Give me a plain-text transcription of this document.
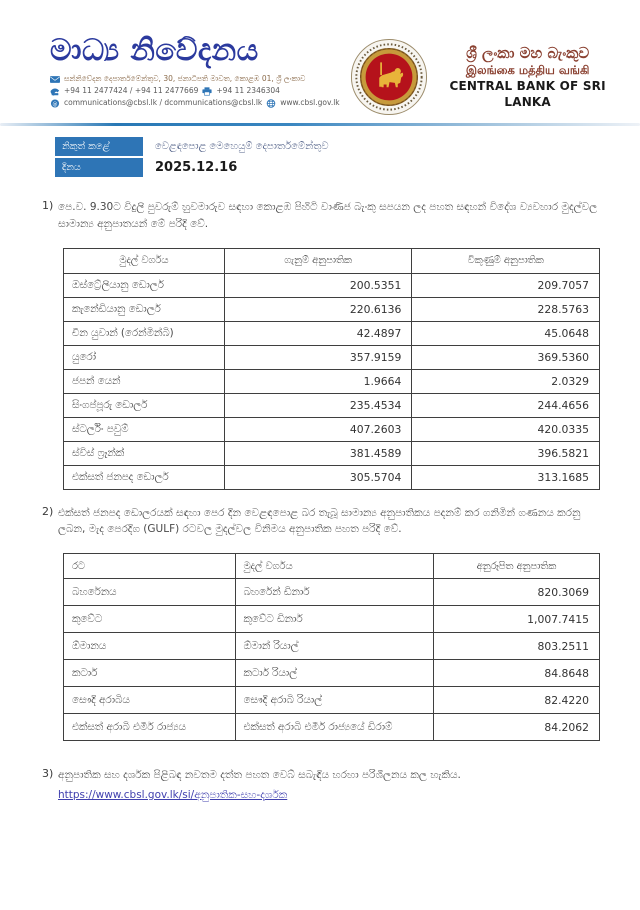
මාධ්‍ය නිවේදනය
සන්නිවේදන දෙපාර්තමේන්තුව, 30, ජනාධිපති මාවත, කොළඹ 01, ශ්‍රී ලංකාව
+94 11 2477424 / +94 11 2477669 +94 11 2346304
@ communications@cbsl.lk / dcommunications@cbsl.lk www.cbsl.gov.lk
ශ්‍රී ලංකා මහ බැංකුව
இலங்கை மத்திய வங்கி
CENTRAL BANK OF SRI LANKA
නිකුත් කළේ	වෙළඳපොළ මෙහෙයුම් දෙපාර්තමේන්තුව
දිනය	2025.12.16
1) පෙ.ව. 9.30ට විදුලි පුවරුම් හුවමාරුව සඳහා කොළඹ පිහිටි වාණිජ බැංකු සපයන ලද පහත සඳහන් විදේශ ව්‍යවහාර මුදල්වල සාමාන්‍ය අනුපාතයන් මේ පරිදි වේ.
මුදල් වර්ගය	ගැනුම් අනුපාතික	විකුණුම් අනුපාතික
ඔස්ට්‍රේලියානු ඩොලර්	200.5351	209.7057
කැනේඩියානු ඩොලර්	220.6136	228.5763
චීන යුවාන් (රෙන්මින්බි)	42.4897	45.0648
යුරෝ	357.9159	369.5360
ජපන් යෙන්	1.9664	2.0329
සිංගප්පූරු ඩොලර්	235.4534	244.4656
ස්ටර්ලිං පවුම්	407.2603	420.0335
ස්විස් ෆ්‍රෑන්ක්	381.4589	396.5821
එක්සත් ජනපද ඩොලර්	305.5704	313.1685
2) එක්සත් ජනපද ඩොලරයක් සඳහා පෙර දින වෙළඳපොළ බර තැබූ සාමාන්‍ය අනුපාතිකය පදනම් කර ගනිමින් ගණනය කරනු ලබන, මැද පෙරදිග (GULF) රටවල මුදල්වල විනිමය අනුපාතික පහත පරිදි වේ.
රට	මුදල් වර්ගය	අනුරූපිත අනුපාතික
බහරේනය	බහරේන් ඩිනාර්	820.3069
කුවේට	කුවේට ඩිනාර්	1,007.7415
ඕමානය	ඕමාන් රියාල්	803.2511
කටාර්	කටාර් රියාල්	84.8648
සෞදි අරාබිය	සෞදි අරාබි රියාල්	82.4220
එක්සත් අරාබි එමීර් රාජ්‍යය	එක්සත් අරාබි එමීර් රාජ්‍යයේ ඩිරාම්	84.2062
3) අනුපාතික සහ දර්ශක පිළිබඳ නවතම දත්ත පහත වෙබ් සබැඳිය හරහා පරිශීලනය කල හැකිය.
https://www.cbsl.gov.lk/si/අනුපාතික-සහ-දර්ශක
